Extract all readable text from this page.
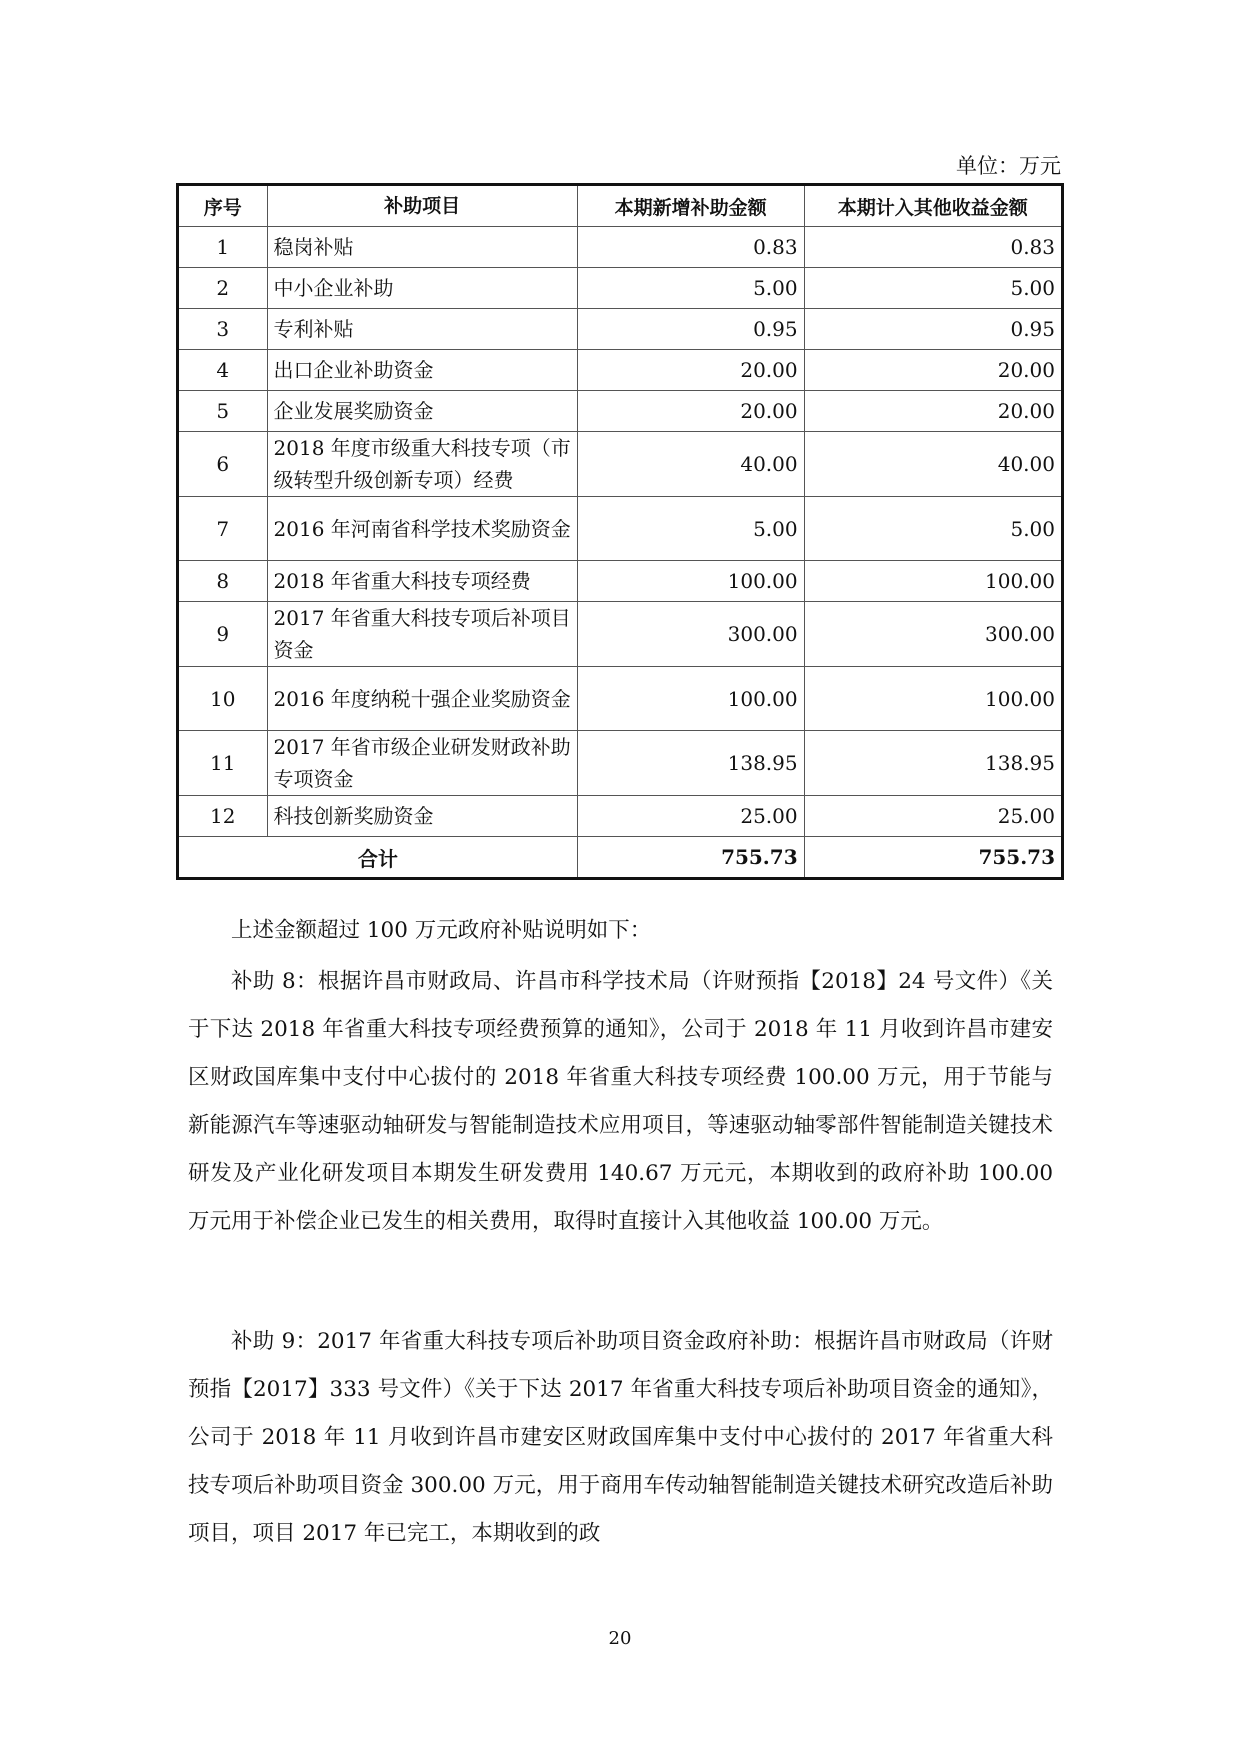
单位：万元
序号	补助项目	本期新增补助金额	本期计入其他收益金额
1	稳岗补贴	0.83	0.83
2	中小企业补助	5.00	5.00
3	专利补贴	0.95	0.95
4	出口企业补助资金	20.00	20.00
5	企业发展奖励资金	20.00	20.00
6	2018 年度市级重大科技专项（市级转型升级创新专项）经费	40.00	40.00
7	2016 年河南省科学技术奖励资金	5.00	5.00
8	2018 年省重大科技专项经费	100.00	100.00
9	2017 年省重大科技专项后补项目资金	300.00	300.00
10	2016 年度纳税十强企业奖励资金	100.00	100.00
11	2017 年省市级企业研发财政补助专项资金	138.95	138.95
12	科技创新奖励资金	25.00	25.00
合计		755.73	755.73

上述金额超过 100 万元政府补贴说明如下：

补助 8：根据许昌市财政局、许昌市科学技术局（许财预指【2018】24 号文件）《关于下达 2018 年省重大科技专项经费预算的通知》，公司于 2018 年 11 月收到许昌市建安区财政国库集中支付中心拔付的 2018 年省重大科技专项经费 100.00 万元，用于节能与新能源汽车等速驱动轴研发与智能制造技术应用项目，等速驱动轴零部件智能制造关键技术研发及产业化研发项目本期发生研发费用 140.67 万元元，本期收到的政府补助 100.00 万元用于补偿企业已发生的相关费用，取得时直接计入其他收益 100.00 万元。

补助 9：2017 年省重大科技专项后补助项目资金政府补助：根据许昌市财政局（许财预指【2017】333 号文件）《关于下达 2017 年省重大科技专项后补助项目资金的通知》，公司于 2018 年 11 月收到许昌市建安区财政国库集中支付中心拔付的 2017 年省重大科技专项后补助项目资金 300.00 万元，用于商用车传动轴智能制造关键技术研究改造后补助项目，项目 2017 年已完工，本期收到的政

20
